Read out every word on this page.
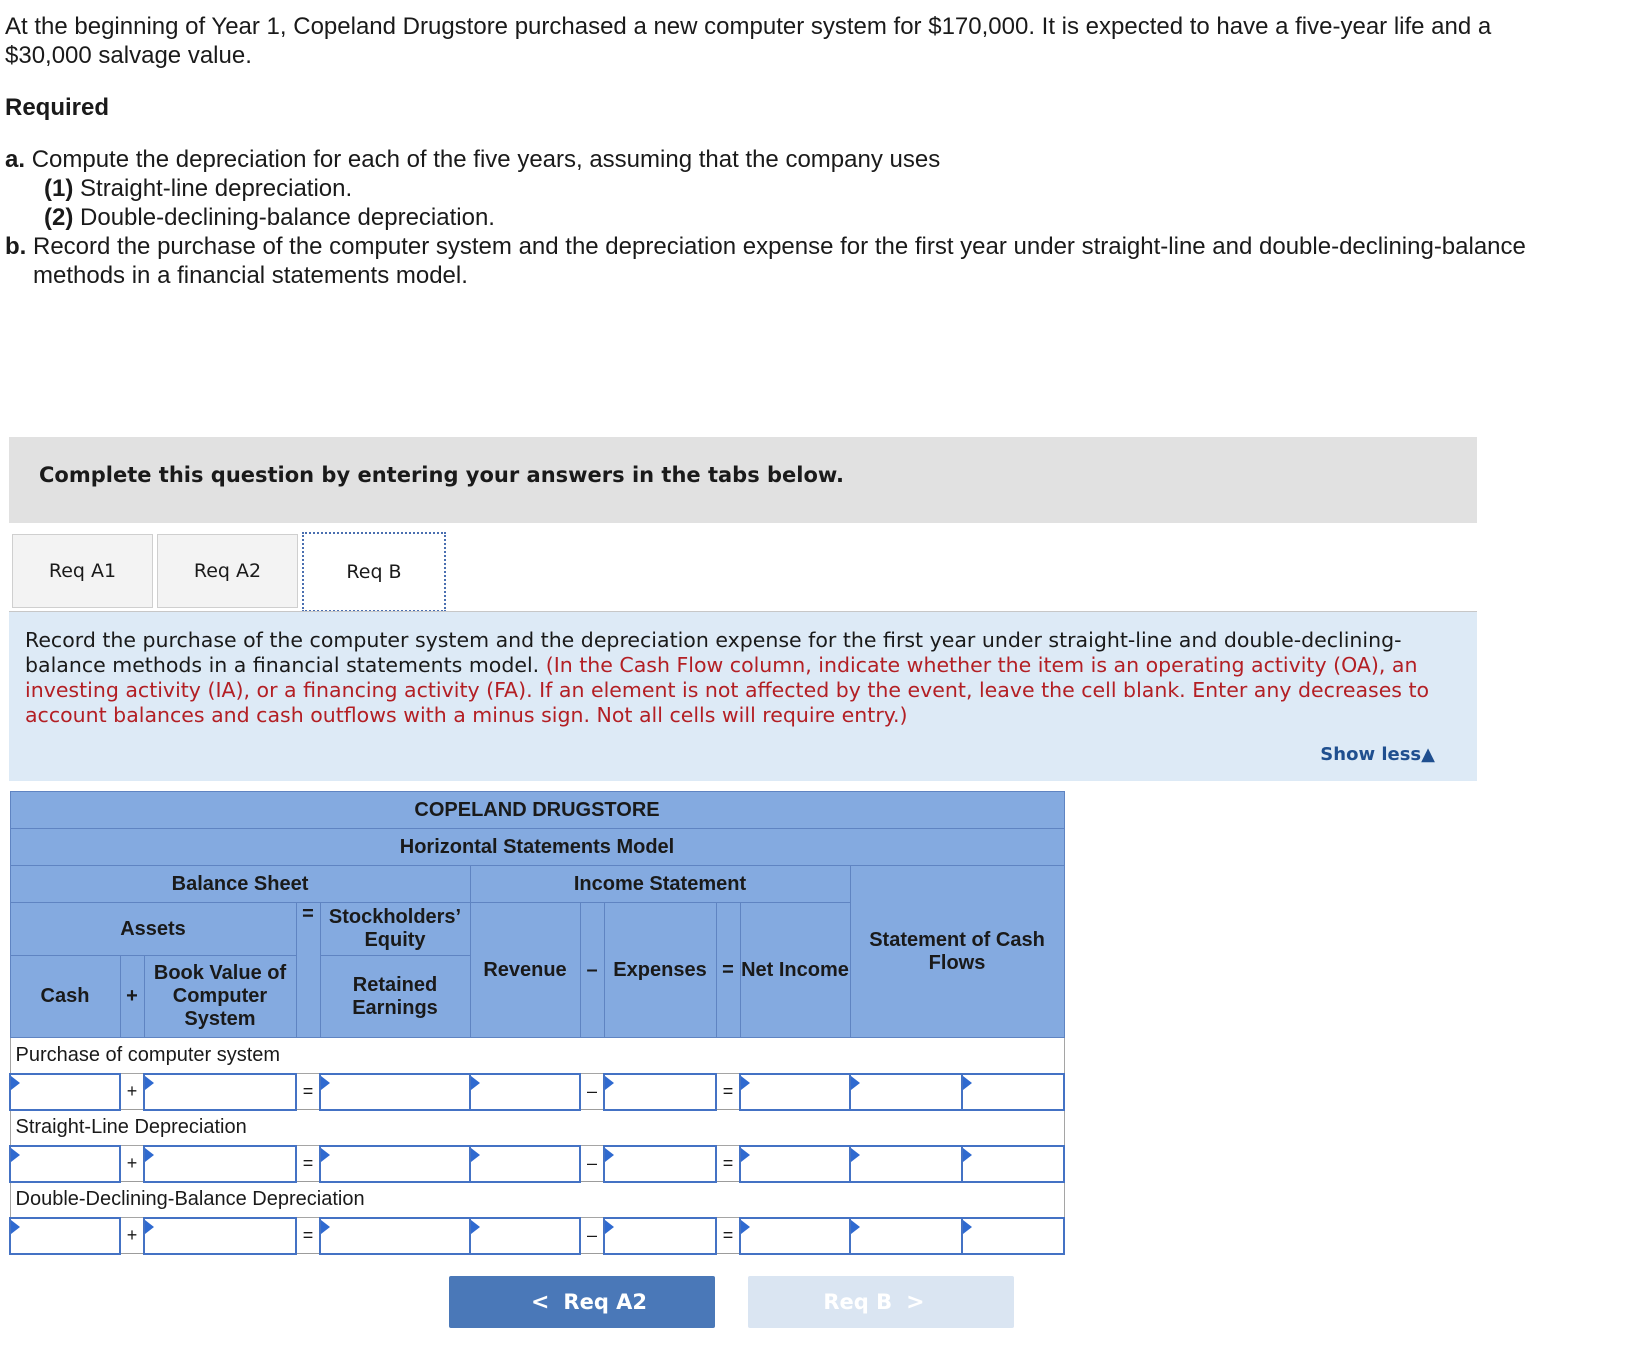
At the beginning of Year 1, Copeland Drugstore purchased a new computer system for $170,000. It is expected to have a five-year life and a $30,000 salvage value.

Required

a. Compute the depreciation for each of the five years, assuming that the company uses

(1) Straight-line depreciation.

(2) Double-declining-balance depreciation.

b. Record the purchase of the computer system and the depreciation expense for the first year under straight-line and double-declining-balance methods in a financial statements model.

Complete this question by entering your answers in the tabs below.
Req A1	Req A2	Req B

Record the purchase of the computer system and the depreciation expense for the first year under straight-line and double-declining-balance methods in a financial statements model. (In the Cash Flow column, indicate whether the item is an operating activity (OA), an investing activity (IA), or a financing activity (FA). If an element is not affected by the event, leave the cell blank. Enter any decreases to account balances and cash outflows with a minus sign. Not all cells will require entry.)

Show less▲
COPELAND DRUGSTORE											
Horizontal Statements Model											
Balance Sheet					Income Statement					Statement of Cash Flows	
Assets			=	Stockholders’ Equity	Revenue	–	Expenses	=	Net Income		
Cash	+	Book Value of Computer System		Retained Earnings							
Purchase of computer system											
	+		=			–		=			
Straight-Line Depreciation											
	+		=			–		=			
Double-Declining-Balance Depreciation											
	+		=			–		=			
< Req A2	Req B >
